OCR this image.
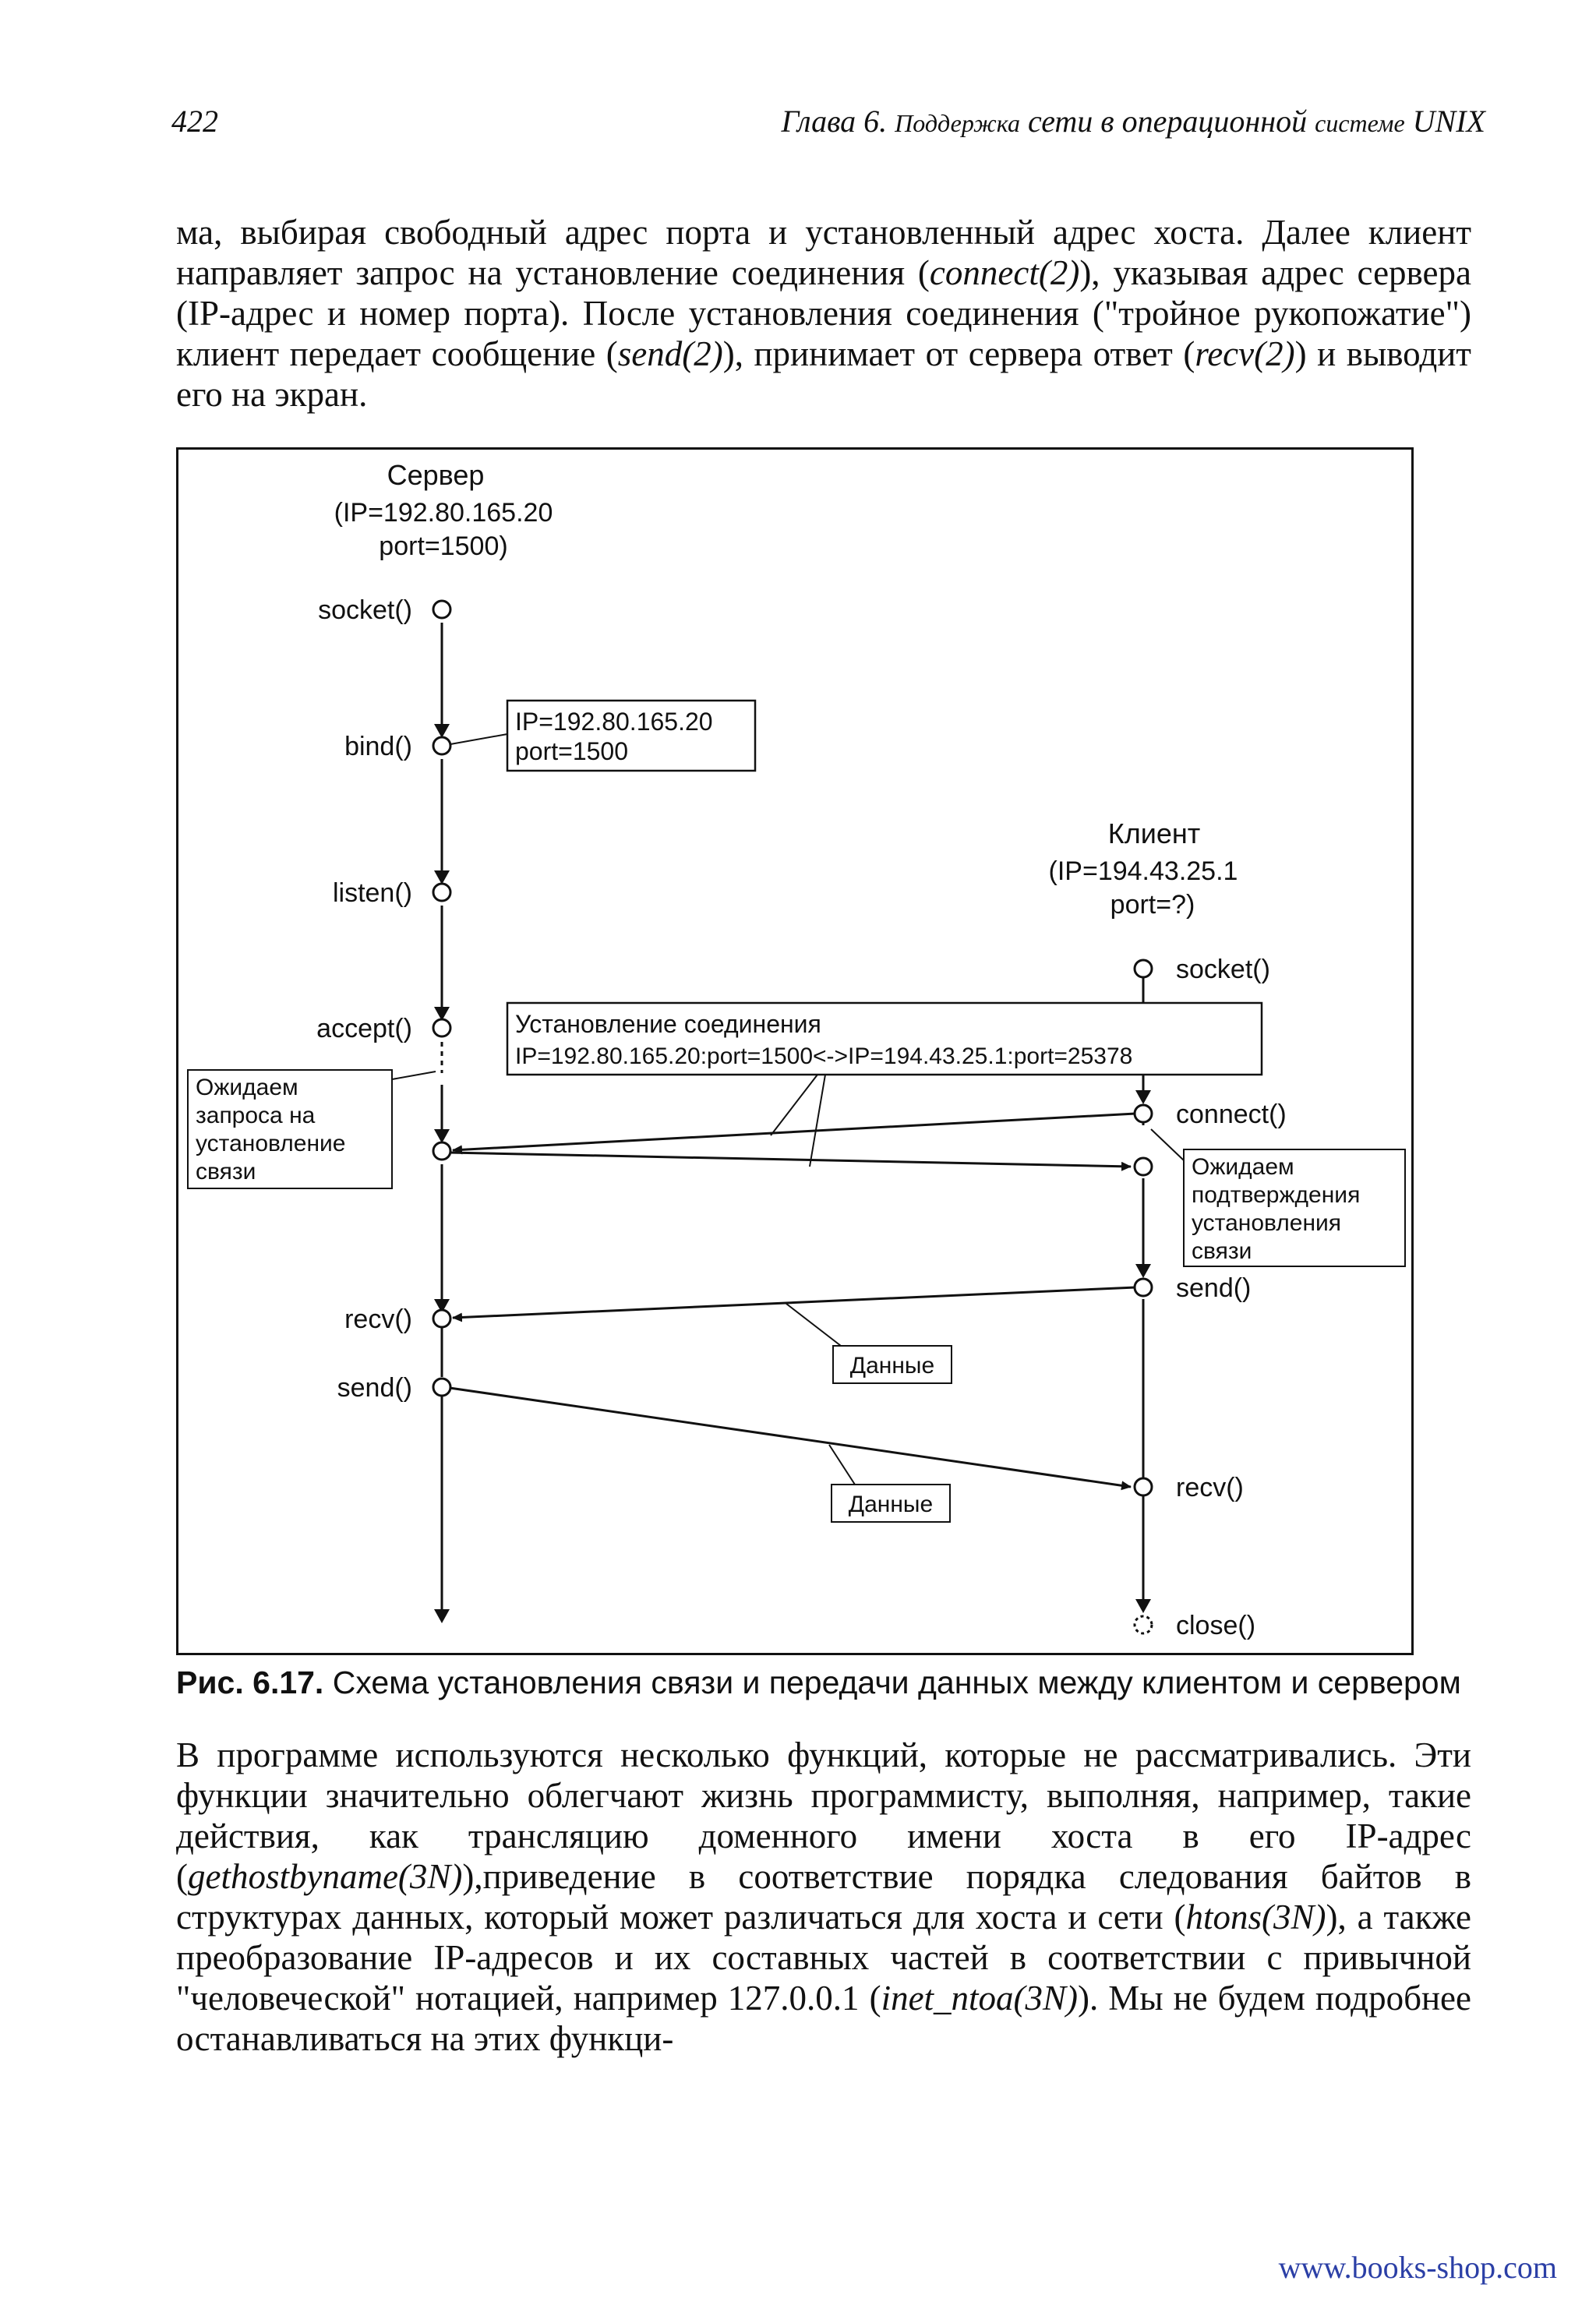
422	Глава 6. Поддержка сети в операционной системе UNIX

ма, выбирая свободный адрес порта и установленный адрес хоста. Далее клиент направляет запрос на установление соединения (connect(2)), указывая адрес сервера (IP-адрес и номер порта). После установления соединения ("тройное рукопожатие") клиент передает сообщение (send(2)), принимает от сервера ответ (recv(2)) и выводит его на экран.

Сервер
(IP=192.80.165.20
port=1500)
Клиент
(IP=194.43.25.1
port=?)
socket()
bind()
listen()
accept()
recv()
send()
socket()
connect()
send()
recv()
close()
IP=192.80.165.20
port=1500
Установление соединения
IP=192.80.165.20:port=1500<->IP=194.43.25.1:port=25378
Ожидаем
запроса на
установление
связи	Ожидаем
подтверждения
установления
связи
Данные
Данные

Рис. 6.17. Схема установления связи и передачи данных между клиентом и сервером

В программе используются несколько функций, которые не рассматривались. Эти функции значительно облегчают жизнь программисту, выполняя, например, такие действия, как трансляцию доменного имени хоста в его IP-адрес (gethostbyname(3N)),приведение в соответствие порядка следования байтов в структурах данных, который может различаться для хоста и сети (htons(3N)), а также преобразование IP-адресов и их составных частей в соответствии с привычной "человеческой" нотацией, например 127.0.0.1 (inet_ntoa(3N)). Мы не будем подробнее останавливаться на этих функци-

www.books-shop.com
